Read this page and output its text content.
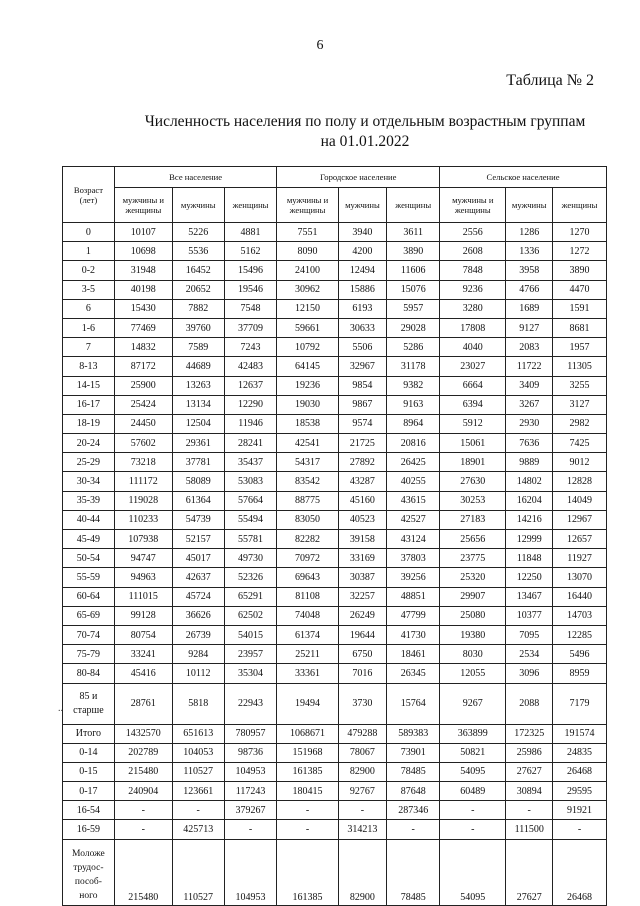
6
Таблица № 2
Численность населения по полу и отдельным возрастным группам
на 01.01.2022
..
Возраст (лет)	Все население			Городское население			Сельское население		
	мужчины и женщины	мужчины	женщины	мужчины и женщины	мужчины	женщины	мужчины и женщины	мужчины	женщины
0	10107	5226	4881	7551	3940	3611	2556	1286	1270
1	10698	5536	5162	8090	4200	3890	2608	1336	1272
0-2	31948	16452	15496	24100	12494	11606	7848	3958	3890
3-5	40198	20652	19546	30962	15886	15076	9236	4766	4470
6	15430	7882	7548	12150	6193	5957	3280	1689	1591
1-6	77469	39760	37709	59661	30633	29028	17808	9127	8681
7	14832	7589	7243	10792	5506	5286	4040	2083	1957
8-13	87172	44689	42483	64145	32967	31178	23027	11722	11305
14-15	25900	13263	12637	19236	9854	9382	6664	3409	3255
16-17	25424	13134	12290	19030	9867	9163	6394	3267	3127
18-19	24450	12504	11946	18538	9574	8964	5912	2930	2982
20-24	57602	29361	28241	42541	21725	20816	15061	7636	7425
25-29	73218	37781	35437	54317	27892	26425	18901	9889	9012
30-34	111172	58089	53083	83542	43287	40255	27630	14802	12828
35-39	119028	61364	57664	88775	45160	43615	30253	16204	14049
40-44	110233	54739	55494	83050	40523	42527	27183	14216	12967
45-49	107938	52157	55781	82282	39158	43124	25656	12999	12657
50-54	94747	45017	49730	70972	33169	37803	23775	11848	11927
55-59	94963	42637	52326	69643	30387	39256	25320	12250	13070
60-64	111015	45724	65291	81108	32257	48851	29907	13467	16440
65-69	99128	36626	62502	74048	26249	47799	25080	10377	14703
70-74	80754	26739	54015	61374	19644	41730	19380	7095	12285
75-79	33241	9284	23957	25211	6750	18461	8030	2534	5496
80-84	45416	10112	35304	33361	7016	26345	12055	3096	8959
85 и старше	28761	5818	22943	19494	3730	15764	9267	2088	7179
Итого	1432570	651613	780957	1068671	479288	589383	363899	172325	191574
0-14	202789	104053	98736	151968	78067	73901	50821	25986	24835
0-15	215480	110527	104953	161385	82900	78485	54095	27627	26468
0-17	240904	123661	117243	180415	92767	87648	60489	30894	29595
16-54	-	-	379267	-	-	287346	-	-	91921
16-59	-	425713	-	-	314213	-	-	111500	-
Моложе
трудос-
пособ-
ного	215480	110527	104953	161385	82900	78485	54095	27627	26468
